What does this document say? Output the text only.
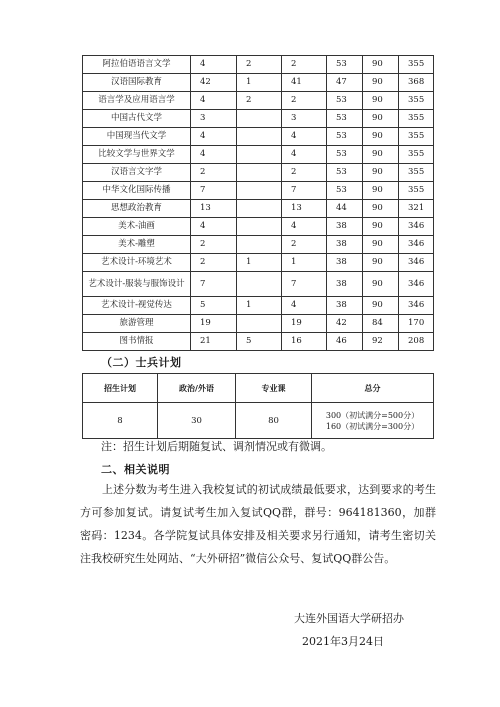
阿拉伯语语言文学	4	2	2	53	90	355
汉语国际教育	42	1	41	47	90	368
语言学及应用语言学	4	2	2	53	90	355
中国古代文学	3		3	53	90	355
中国现当代文学	4		4	53	90	355
比较文学与世界文学	4		4	53	90	355
汉语言文字学	2		2	53	90	355
中华文化国际传播	7		7	53	90	355
思想政治教育	13		13	44	90	321
美术-油画	4		4	38	90	346
美术-雕塑	2		2	38	90	346
艺术设计-环境艺术	2	1	1	38	90	346
艺术设计-服装与服饰设计	7		7	38	90	346
艺术设计-视觉传达	5	1	4	38	90	346
旅游管理	19		19	42	84	170
图书情报	21	5	16	46	92	208
（二）士兵计划
招生计划	政治/外语	专业课	总分
8	30	80	300（初试满分=500分）
160（初试满分=300分）
注：招生计划后期随复试、调剂情况或有微调。
二、相关说明

上述分数为考生进入我校复试的初试成绩最低要求，达到要求的考生方可参加复试。请复试考生加入复试QQ群，群号：964181360，加群密码：1234。各学院复试具体安排及相关要求另行通知，请考生密切关注我校研究生处网站、“大外研招”微信公众号、复试QQ群公告。

大连外国语大学研招办
2021年3月24日
